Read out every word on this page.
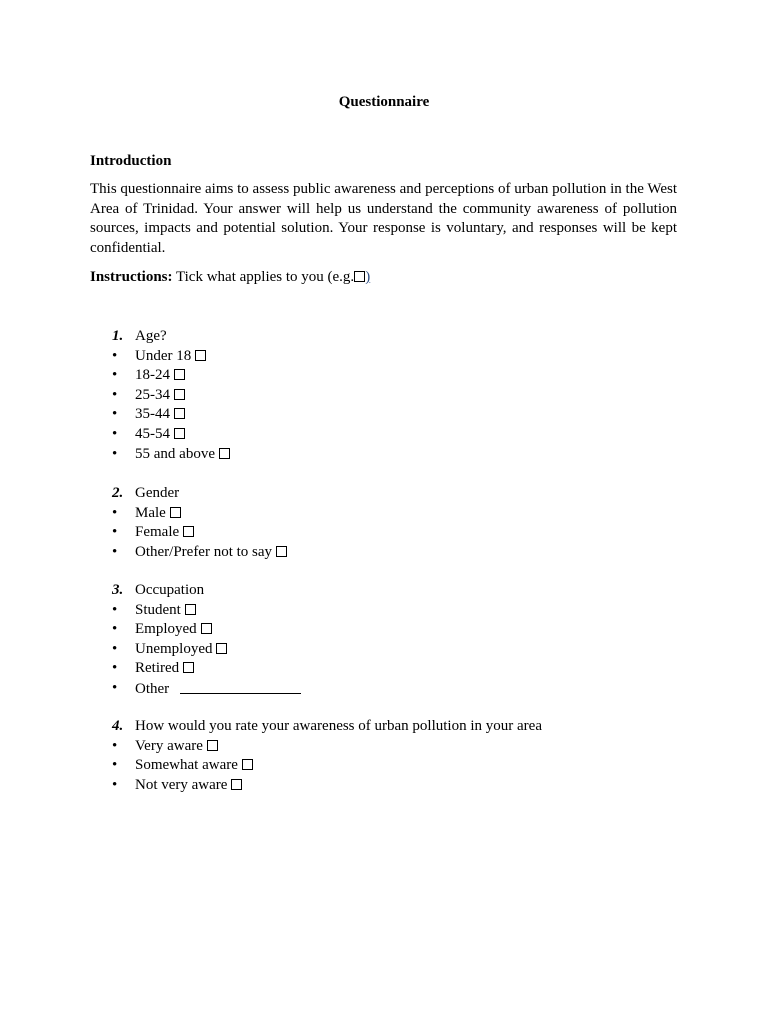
Questionnaire
Introduction

This questionnaire aims to assess public awareness and perceptions of urban pollution in the West Area of Trinidad. Your answer will help us understand the community awareness of pollution sources, impacts and potential solution. Your response is voluntary, and responses will be kept confidential.

Instructions: Tick what applies to you (e.g. )
1. Age?
• Under 18
• 18-24
• 25-34
• 35-44
• 45-54
• 55 and above
2. Gender
• Male
• Female
• Other/Prefer not to say
3. Occupation
• Student
• Employed
• Unemployed
• Retired
• Other
4. How would you rate your awareness of urban pollution in your area
• Very aware
• Somewhat aware
• Not very aware
